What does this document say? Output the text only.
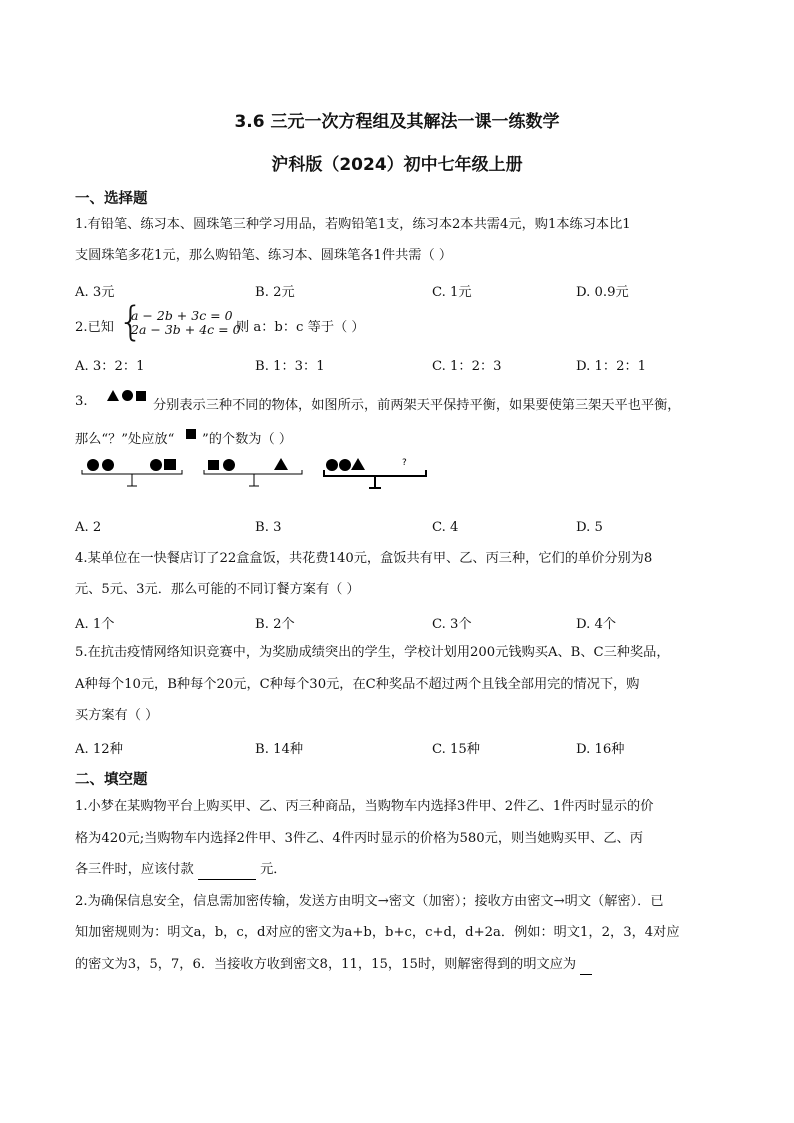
3.6 三元一次方程组及其解法一课一练数学
沪科版（2024）初中七年级上册
一、选择题
1.有铅笔、练习本、圆珠笔三种学习用品，若购铅笔1支，练习本2本共需4元，购1本练习本比1
支圆珠笔多花1元，那么购铅笔、练习本、圆珠笔各1件共需（ ）
A. 3元	B. 2元	C. 1元	D. 0.9元
2.已知 {
a − 2b + 3c = 0
2a − 3b + 4c = 0
则 a：b：c 等于（ ）
A. 3：2：1	B. 1：3：1	C. 1：2：3	D. 1：2：1
3.	分别表示三种不同的物体，如图所示，前两架天平保持平衡，如果要使第三架天平也平衡，
那么“？”处应放“ ”的个数为（ ）
?
A. 2	B. 3	C. 4	D. 5
4.某单位在一快餐店订了22盒盒饭，共花费140元，盒饭共有甲、乙、丙三种，它们的单价分别为8
元、5元、3元．那么可能的不同订餐方案有（ ）
A. 1个	B. 2个	C. 3个	D. 4个
5.在抗击疫情网络知识竞赛中，为奖励成绩突出的学生，学校计划用200元钱购买A、B、C三种奖品，
A种每个10元，B种每个20元，C种每个30元，在C种奖品不超过两个且钱全部用完的情况下，购
买方案有（ ）
A. 12种	B. 14种	C. 15种	D. 16种
二、填空题
1.小梦在某购物平台上购买甲、乙、丙三种商品，当购物车内选择3件甲、2件乙、1件丙时显示的价
格为420元;当购物车内选择2件甲、3件乙、4件丙时显示的价格为580元，则当她购买甲、乙、丙
各三件时，应该付款	元．
2.为确保信息安全，信息需加密传输，发送方由明文→密文（加密）；接收方由密文→明文（解密）．已
知加密规则为：明文a，b，c，d对应的密文为a+b，b+c，c+d，d+2a．例如：明文1，2，3，4对应
的密文为3，5，7，6．当接收方收到密文8，11，15，15时，则解密得到的明文应为
